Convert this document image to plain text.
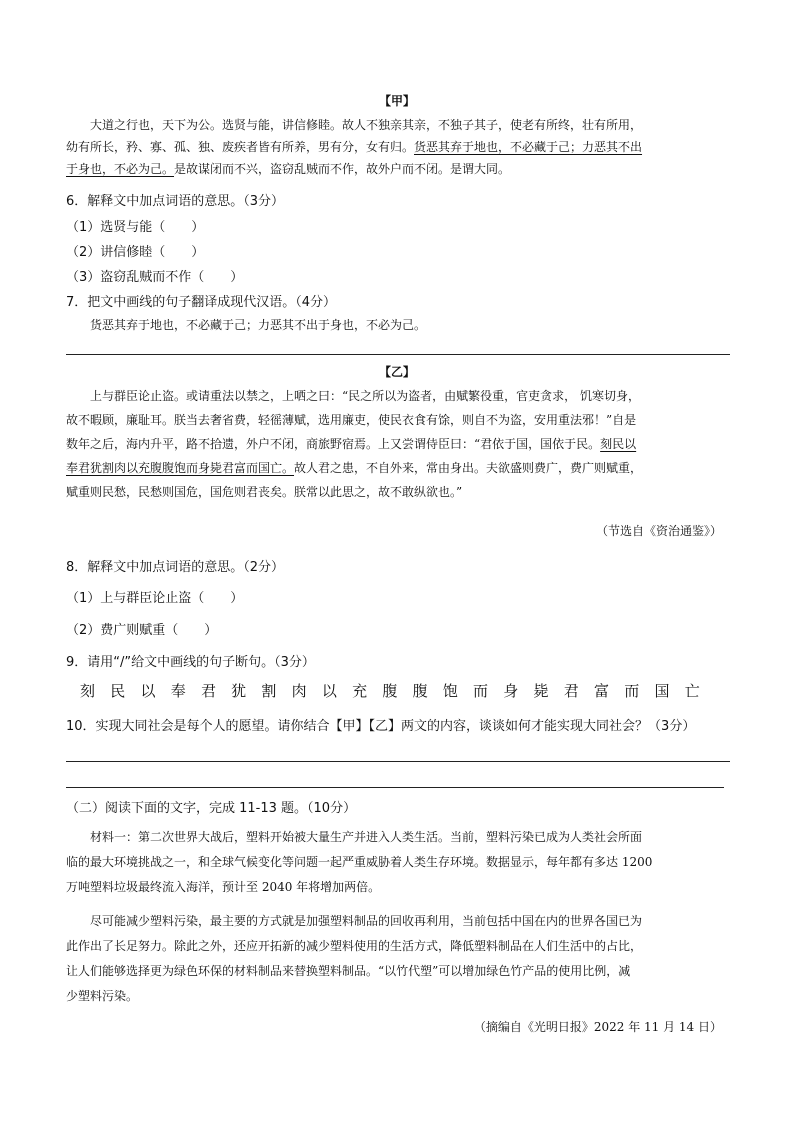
【甲】
大道之行也，天下为公。选贤与能，讲信修睦。故人不独亲其亲，不独子其子，使老有所终，壮有所用，
幼有所长，矜、寡、孤、独、废疾者皆有所养，男有分，女有归。货恶其弃于地也，不必藏于己；力恶其不出
于身也，不必为己。是故谋闭而不兴，盗窃乱贼而不作，故外户而不闭。是谓大同。
6．解释文中加点词语的意思。（3分）
（1）选贤与能（　　）
（2）讲信修睦（　　）
（3）盗窃乱贼而不作（　　）
7．把文中画线的句子翻译成现代汉语。（4分）
货恶其弃于地也，不必藏于己；力恶其不出于身也，不必为己。
【乙】
上与群臣论止盗。或请重法以禁之，上哂之曰：“民之所以为盗者，由赋繁役重，官吏贪求， 饥寒切身，
故不暇顾，廉耻耳。朕当去奢省费，轻徭薄赋，选用廉吏，使民衣食有馀，则自不为盗，安用重法邪！”自是
数年之后，海内升平，路不拾遗，外户不闭，商旅野宿焉。上又尝谓侍臣曰：“君依于国，国依于民。刻民以
奉君犹割肉以充腹腹饱而身毙君富而国亡。故人君之患，不自外来，常由身出。夫欲盛则费广，费广则赋重，
赋重则民愁，民愁则国危，国危则君丧矣。朕常以此思之，故不敢纵欲也。”
（节选自《资治通鉴》）
8．解释文中加点词语的意思。（2分）
（1）上与群臣论止盗（　　）
（2）费广则赋重（　　）
9．请用“/”给文中画线的句子断句。（3分）
刻 民 以 奉 君 犹 割 肉 以 充 腹 腹 饱 而 身 毙 君 富 而 国 亡
10．实现大同社会是每个人的愿望。请你结合【甲】【乙】两文的内容，谈谈如何才能实现大同社会？（3分）
（二）阅读下面的文字，完成 11-13 题。（10分）
材料一：第二次世界大战后，塑料开始被大量生产并进入人类生活。当前，塑料污染已成为人类社会所面
临的最大环境挑战之一，和全球气候变化等问题一起严重威胁着人类生存环境。数据显示，每年都有多达 1200
万吨塑料垃圾最终流入海洋，预计至 2040 年将增加两倍。
尽可能减少塑料污染，最主要的方式就是加强塑料制品的回收再利用，当前包括中国在内的世界各国已为
此作出了长足努力。除此之外，还应开拓新的减少塑料使用的生活方式，降低塑料制品在人们生活中的占比，
让人们能够选择更为绿色环保的材料制品来替换塑料制品。“以竹代塑”可以增加绿色竹产品的使用比例，减
少塑料污染。
（摘编自《光明日报》2022 年 11 月 14 日）
